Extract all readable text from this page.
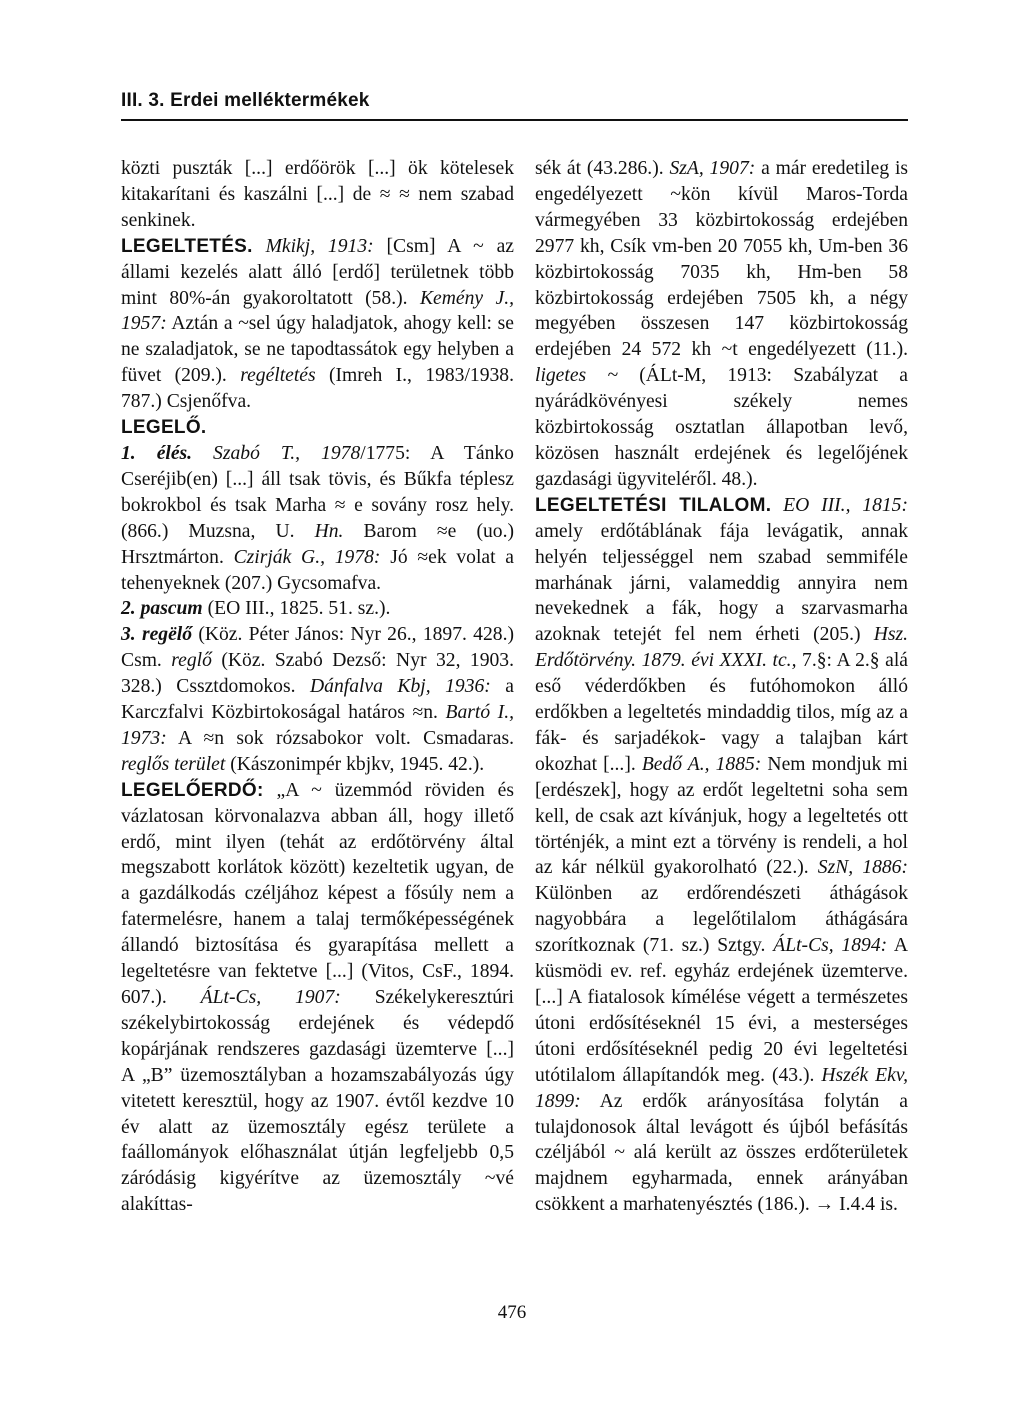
III. 3. Erdei melléktermékek

közti puszták [...] erdőörök [...] ök kötelesek kitakarítani és kaszálni [...] de ≈ ≈ nem szabad senkinek.

LEGELTETÉS. Mkikj, 1913: [Csm] A ~ az állami kezelés alatt álló [erdő] területnek több mint 80%-án gyakoroltatott (58.). Kemény J., 1957: Aztán a ~sel úgy haladjatok, ahogy kell: se ne szaladjatok, se ne tapodtassátok egy helyben a füvet (209.). regéltetés (Imreh I., 1983/1938. 787.) Csjenőfva.

LEGELŐ.

1. élés. Szabó T., 1978/1775: A Tánko Cseréjib(en) [...] áll tsak tövis, és Bűkfa téplesz bokrokbol és tsak Marha ≈ e sovány rosz hely. (866.) Muzsna, U. Hn. Barom ≈e (uo.) Hrsztmárton. Czirják G., 1978: Jó ≈ek volat a tehenyeknek (207.) Gycsomafva.

2. pascum (EO III., 1825. 51. sz.).

3. regëlő (Köz. Péter János: Nyr 26., 1897. 428.) Csm. reglő (Köz. Szabó Dezső: Nyr 32, 1903. 328.) Cssztdomokos. Dánfalva Kbj, 1936: a Karczfalvi Közbirtokoságal határos ≈n. Bartó I., 1973: A ≈n sok rózsabokor volt. Csmadaras. reglős terület (Kászonimpér kbjkv, 1945. 42.).

LEGELŐERDŐ: „A ~ üzemmód röviden és vázlatosan körvonalazva abban áll, hogy illető erdő, mint ilyen (tehát az erdőtörvény által megszabott korlátok között) kezeltetik ugyan, de a gazdálkodás czéljához képest a fősúly nem a fatermelésre, hanem a talaj termőképességének állandó biztosítása és gyarapítása mellett a legeltetésre van fektetve [...] (Vitos, CsF., 1894. 607.). ÁLt-Cs, 1907: Székelykeresztúri székelybirtokosság erdejének és védерdő kopárjának rendszeres gazdasági üzemterve [...] A „B” üzemosztályban a hozamszabályozás úgy vitetett keresztül, hogy az 1907. évtől kezdve 10 év alatt az üzemosztály egész területe a faállományok előhasználat útján legfeljebb 0,5 záródásig kigyérítve az üzemosztály ~vé alakíttas-

sék át (43.286.). SzA, 1907: a már eredetileg is engedélyezett ~kön kívül Maros-Torda vármegyében 33 közbirtokosság erdejében 2977 kh, Csík vm-ben 20 7055 kh, Um-ben 36 közbirtokosság 7035 kh, Hm-ben 58 közbirtokosság erdejében 7505 kh, a négy megyében összesen 147 közbirtokosság erdejében 24 572 kh ~t engedélyezett (11.). ligetes ~ (ÁLt-M, 1913: Szabályzat a nyárádkövényesi székely nemes közbirtokosság osztatlan állapotban levő, közösen használt erdejének és legelőjének gazdasági ügyviteléről. 48.).

LEGELTETÉSI TILALOM. EO III., 1815: amely erdőtáblának fája levágatik, annak helyén teljességgel nem szabad semmiféle marhának járni, valameddig annyira nem nevekednek a fák, hogy a szarvasmarha azoknak tetejét fel nem érheti (205.) Hsz. Erdőtörvény. 1879. évi XXXI. tc., 7.§: A 2.§ alá eső véderdőkben és futóhomokon álló erdőkben a legeltetés mindaddig tilos, míg az a fák- és sarjadékok- vagy a talajban kárt okozhat [...]. Bedő A., 1885: Nem mondjuk mi [erdészek], hogy az erdőt legeltetni soha sem kell, de csak azt kívánjuk, hogy a legeltetés ott történjék, a mint ezt a törvény is rendeli, a hol az kár nélkül gyakorolható (22.). SzN, 1886: Különben az erdőrendészeti áthágások nagyobbára a legelőtilalom áthágására szorítkoznak (71. sz.) Sztgy. ÁLt-Cs, 1894: A küsmödi ev. ref. egyház erdejének üzemterve. [...] A fiatalosok kímélése végett a természetes útoni erdősítéseknél 15 évi, a mesterséges útoni erdősítéseknél pedig 20 évi legeltetési utótilalom állapítandók meg. (43.). Hszék Ekv, 1899: Az erdők arányosítása folytán a tulajdonosok által levágott és újból befásítás czéljából ~ alá került az összes erdőterületek majdnem egyharmada, ennek arányában csökkent a marhatenyésztés (186.). → I.4.4 is.

476
